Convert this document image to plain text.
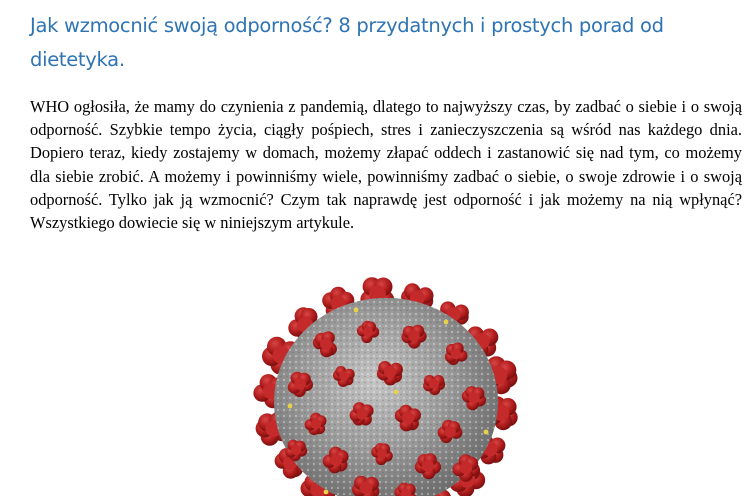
Jak wzmocnić swoją odporność? 8 przydatnych i prostych porad od dietetyka.

WHO ogłosiła, że mamy do czynienia z pandemią, dlatego to najwyższy czas, by zadbać o siebie i o swoją odporność. Szybkie tempo życia, ciągły pośpiech, stres i zanieczyszczenia są wśród nas każdego dnia. Dopiero teraz, kiedy zostajemy w domach, możemy złapać oddech i zastanowić się nad tym, co możemy dla siebie zrobić. A możemy i powinniśmy wiele, powinniśmy zadbać o siebie, o swoje zdrowie i o swoją odporność. Tylko jak ją wzmocnić? Czym tak naprawdę jest odporność i jak możemy na nią wpłynąć? Wszystkiego dowiecie się w niniejszym artykule.
